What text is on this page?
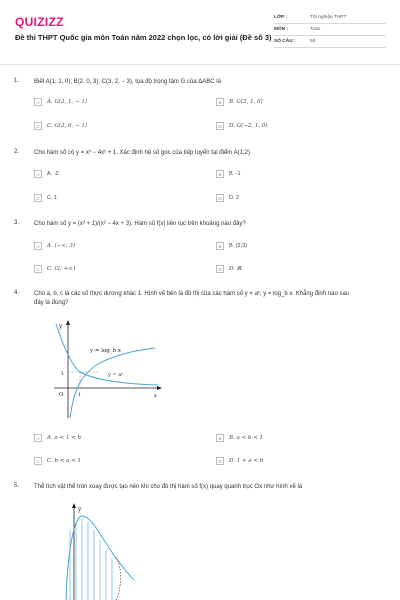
QUIZIZZ
Đề thi THPT Quốc gia môn Toán năm 2022 chọn lọc, có lời giải (Đề số 3)
LỚP :	Tốt nghiệp THPT
MÔN :	Toán
SỐ CÂU :	50
1. Biết A(1, 1, 0); B(2, 0, 3); C(3, 2, − 3), tọa độ trọng tâm G của ΔABC là
A	A. G(2, 1, − 1)	B	B. G(2, 1, 0)
C	C. G(2, 0, − 1)	D	D. G(−2, 1, 0)
2. Cho hàm số có y = x³ − 4x² + 1. Xác định hệ số góc của tiếp tuyến tại điểm A(1;2)
A	A. -2	B	B. -1
C	C. 1	D	D. 2
3. Cho hàm số y = (x² + 1)/(x² − 4x + 3). Hàm số f(x) liên tục trên khoảng nào đây?
A	A. (−∞; 3)	B	B. (2;3)
C	C. (2; +∞)	D	D. ℝ
4. Cho a, b, c là các số thực dương khác 1. Hình vẽ bên là đồ thị của các hàm số y = aˣ, y = log_b x. Khẳng định nào sau
đây là đúng?
y = log_b x
y = aˣ
y
x
O
1
1
A	A. a < 1 < b	B	B. a < b < 1
C	C. b < a < 1	D	D. 1 < a < b
5. Thể tích vật thể tròn xoay được tạo nên khi cho đồ thị hàm số f(x) quay quanh trục Ox như hình vẽ là
y
